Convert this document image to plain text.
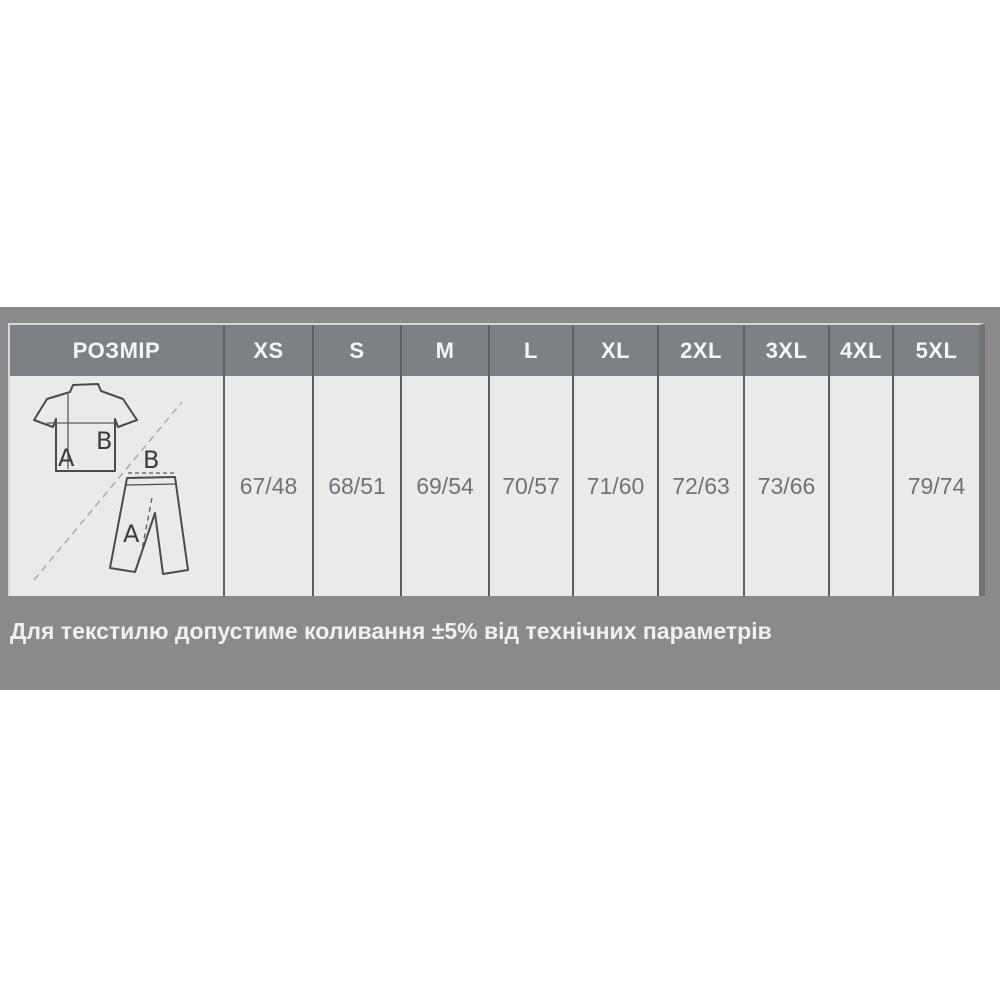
РОЗМІР
A
B
B
A
XS
67/48
S
68/51
M
69/54
L
70/57
XL
71/60
2XL
72/63
3XL
73/66
4XL	5XL
79/74
Для текстилю допустиме коливання ±5% від технічних параметрів
